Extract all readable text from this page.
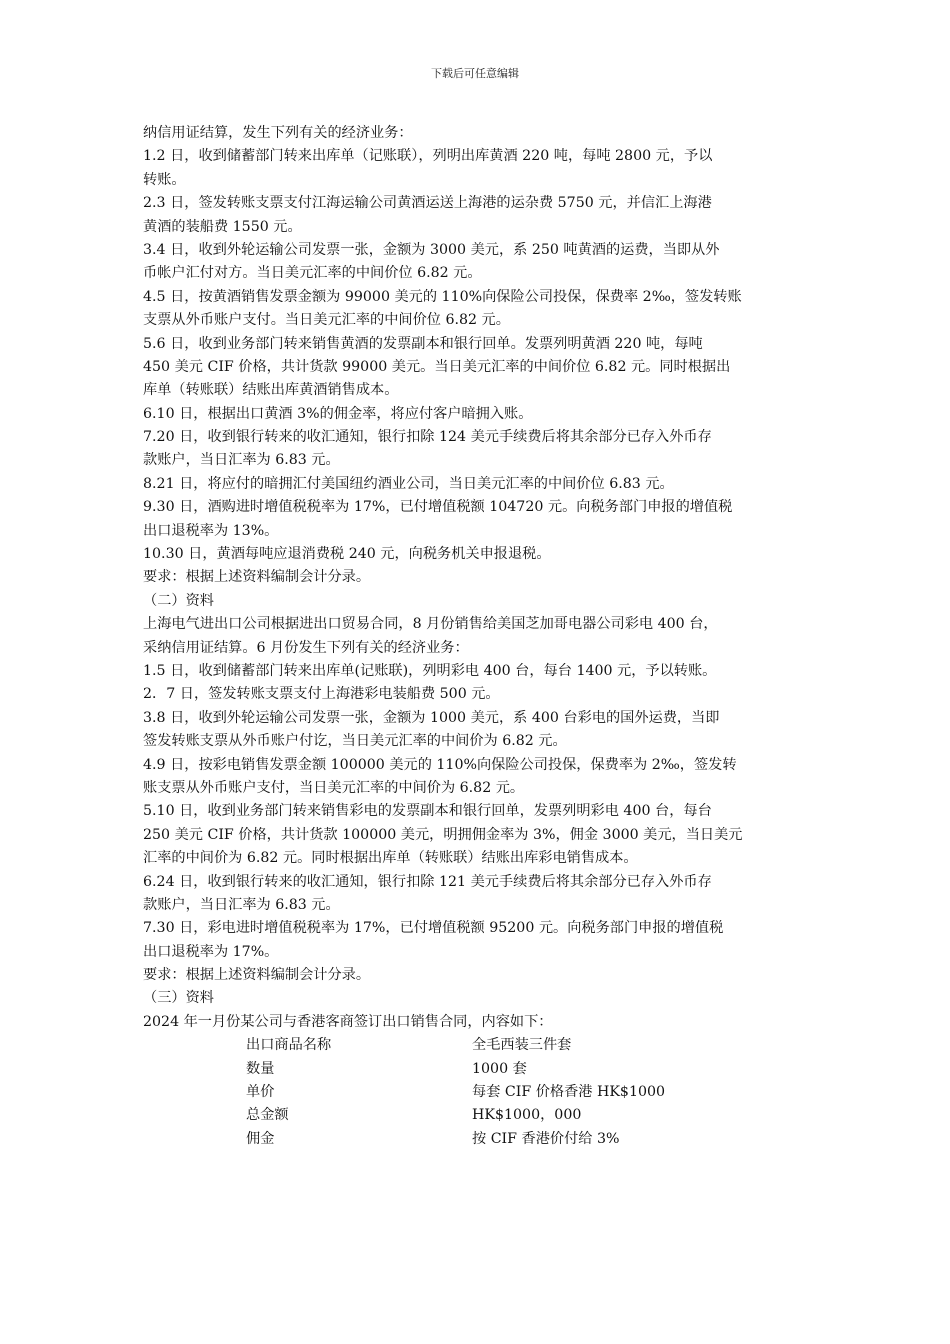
下载后可任意编辑
纳信用证结算，发生下列有关的经济业务：
1.2 日，收到储蓄部门转来出库单（记账联），列明出库黄酒 220 吨，每吨 2800 元，予以
转账。
2.3 日，签发转账支票支付江海运输公司黄酒运送上海港的运杂费 5750 元，并信汇上海港
黄酒的装船费 1550 元。
3.4 日，收到外轮运输公司发票一张，金额为 3000 美元，系 250 吨黄酒的运费，当即从外
币帐户汇付对方。当日美元汇率的中间价位 6.82 元。
4.5 日，按黄酒销售发票金额为 99000 美元的 110%向保险公司投保，保费率 2‰，签发转账
支票从外币账户支付。当日美元汇率的中间价位 6.82 元。
5.6 日，收到业务部门转来销售黄酒的发票副本和银行回单。发票列明黄酒 220 吨，每吨
450 美元 CIF 价格，共计货款 99000 美元。当日美元汇率的中间价位 6.82 元。同时根据出
库单（转账联）结账出库黄酒销售成本。
6.10 日，根据出口黄酒 3%的佣金率，将应付客户暗拥入账。
7.20 日，收到银行转来的收汇通知，银行扣除 124 美元手续费后将其余部分已存入外币存
款账户，当日汇率为 6.83 元。
8.21 日，将应付的暗拥汇付美国纽约酒业公司，当日美元汇率的中间价位 6.83 元。
9.30 日，酒购进时增值税税率为 17%，已付增值税额 104720 元。向税务部门申报的增值税
出口退税率为 13%。
10.30 日，黄酒每吨应退消费税 240 元，向税务机关申报退税。
要求：根据上述资料编制会计分录。
（二）资料
上海电气进出口公司根据进出口贸易合同，8 月份销售给美国芝加哥电器公司彩电 400 台，
采纳信用证结算。6 月份发生下列有关的经济业务：
1.5 日，收到储蓄部门转来出库单(记账联)，列明彩电 400 台，每台 1400 元，予以转账。
2．7 日，签发转账支票支付上海港彩电装船费 500 元。
3.8 日，收到外轮运输公司发票一张，金额为 1000 美元，系 400 台彩电的国外运费，当即
签发转账支票从外币账户付讫，当日美元汇率的中间价为 6.82 元。
4.9 日，按彩电销售发票金额 100000 美元的 110%向保险公司投保，保费率为 2‰，签发转
账支票从外币账户支付，当日美元汇率的中间价为 6.82 元。
5.10 日，收到业务部门转来销售彩电的发票副本和银行回单，发票列明彩电 400 台，每台
250 美元 CIF 价格，共计货款 100000 美元，明拥佣金率为 3%，佣金 3000 美元，当日美元
汇率的中间价为 6.82 元。同时根据出库单（转账联）结账出库彩电销售成本。
6.24 日，收到银行转来的收汇通知，银行扣除 121 美元手续费后将其余部分已存入外币存
款账户，当日汇率为 6.83 元。
7.30 日，彩电进时增值税税率为 17%，已付增值税额 95200 元。向税务部门申报的增值税
出口退税率为 17%。
要求：根据上述资料编制会计分录。
（三）资料
2024 年一月份某公司与香港客商签订出口销售合同，内容如下：
出口商品名称	全毛西装三件套
数量	1000 套
单价	每套 CIF 价格香港 HK$1000
总金额	HK$1000，000
佣金	按 CIF 香港价付给 3%
